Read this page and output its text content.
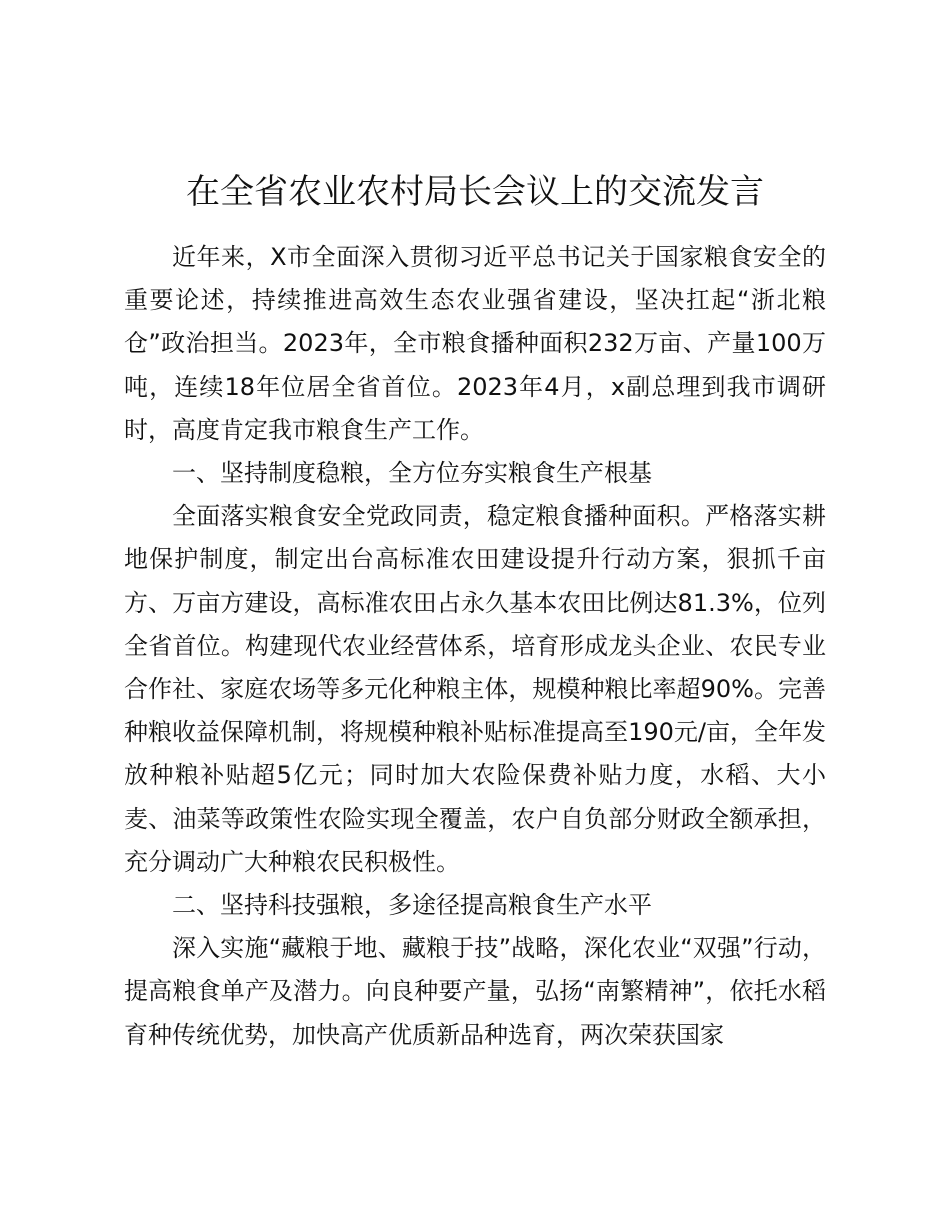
在全省农业农村局长会议上的交流发言

近年来，X市全面深入贯彻习近平总书记关于国家粮食安全的重要论述，持续推进高效生态农业强省建设，坚决扛起“浙北粮仓”政治担当。2023年，全市粮食播种面积232万亩、产量100万吨，连续18年位居全省首位。2023年4月，x副总理到我市调研时，高度肯定我市粮食生产工作。

一、坚持制度稳粮，全方位夯实粮食生产根基

全面落实粮食安全党政同责，稳定粮食播种面积。严格落实耕地保护制度，制定出台高标准农田建设提升行动方案，狠抓千亩方、万亩方建设，高标准农田占永久基本农田比例达81.3%，位列全省首位。构建现代农业经营体系，培育形成龙头企业、农民专业合作社、家庭农场等多元化种粮主体，规模种粮比率超90%。完善种粮收益保障机制，将规模种粮补贴标准提高至190元/亩，全年发放种粮补贴超5亿元；同时加大农险保费补贴力度，水稻、大小麦、油菜等政策性农险实现全覆盖，农户自负部分财政全额承担，充分调动广大种粮农民积极性。

二、坚持科技强粮，多途径提高粮食生产水平

深入实施“藏粮于地、藏粮于技”战略，深化农业“双强”行动，提高粮食单产及潜力。向良种要产量，弘扬“南繁精神”，依托水稻育种传统优势，加快高产优质新品种选育，两次荣获国家
